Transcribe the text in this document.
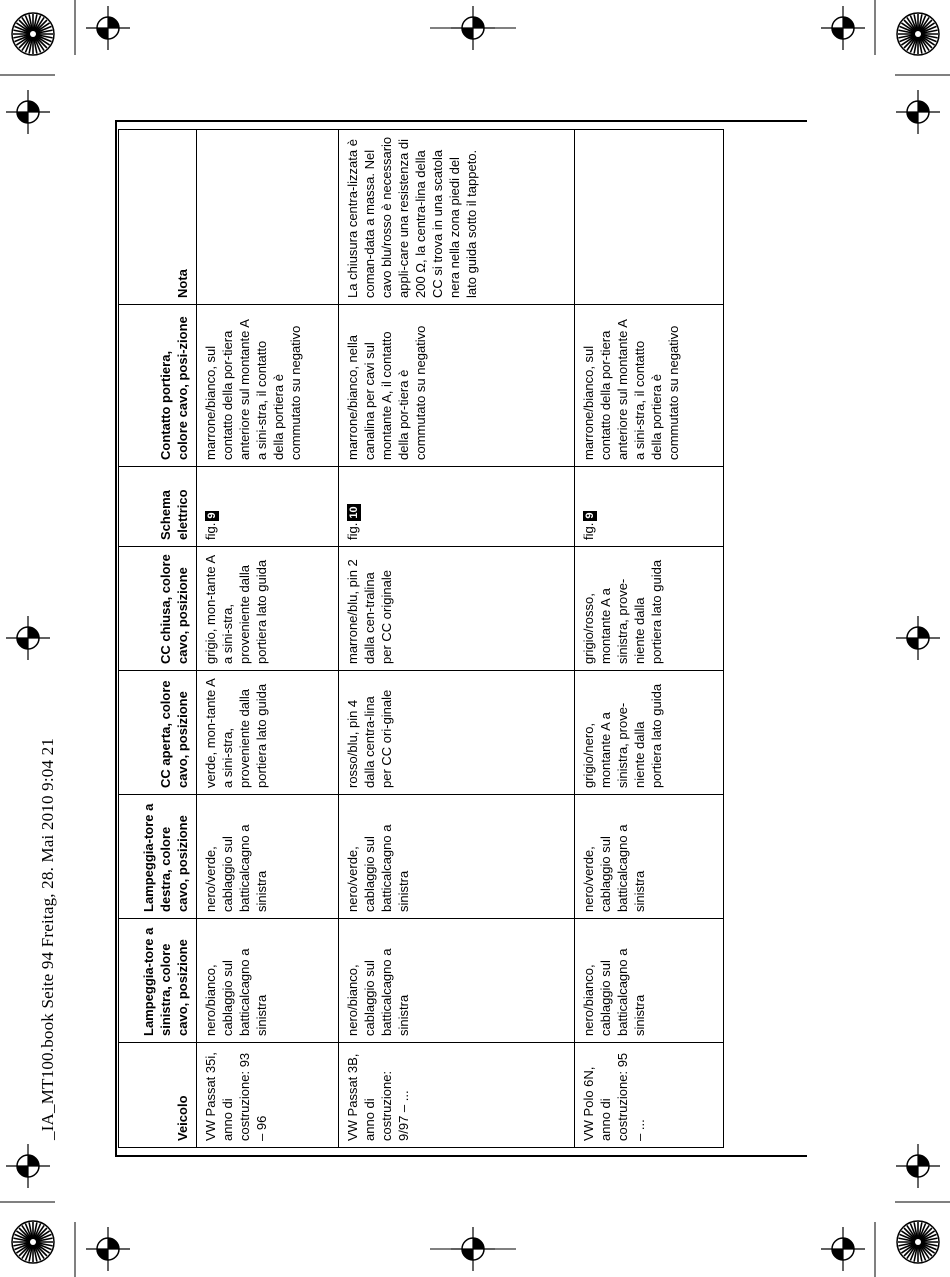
_IA_MT100.book Seite 94 Freitag, 28. Mai 2010 9:04 21	Veicolo	Lampeggia-tore a sinistra, colore cavo, posizione	Lampeggia-tore a destra, colore cavo, posizione	CC aperta, colore cavo, posizione	CC chiusa, colore cavo, posizione	Schema elettrico	Contatto portiera, colore cavo, posi-zione	Nota
VW Passat 35i, anno di costruzione: 93 – 96	nero/bianco, cablaggio sul batticalcagno a sinistra	nero/verde, cablaggio sul batticalcagno a sinistra	verde, mon-tante A a sini-stra, proveniente dalla portiera lato guida	grigio, mon-tante A a sini-stra, proveniente dalla portiera lato guida	fig.9	marrone/bianco, sul contatto della por-tiera anteriore sul montante A a sini-stra, il contatto della portiera è commutato su negativo	
VW Passat 3B, anno di costruzione: 9/97 – ...	nero/bianco, cablaggio sul batticalcagno a sinistra	nero/verde, cablaggio sul batticalcagno a sinistra	rosso/blu, pin 4 dalla centra-lina per CC ori-ginale	marrone/blu, pin 2 dalla cen-tralina per CC originale	fig.10	marrone/bianco, nella canalina per cavi sul montante A, il contatto della por-tiera è commutato su negativo	La chiusura centra-lizzata è coman-data a massa. Nel cavo blu/rosso è necessario appli-care una resistenza di 200 Ω, la centra-lina della CC si trova in una scatola nera nella zona piedi del lato guida sotto il tappeto.
VW Polo 6N, anno di costruzione: 95 – ...	nero/bianco, cablaggio sul batticalcagno a sinistra	nero/verde, cablaggio sul batticalcagno a sinistra	grigio/nero, montante A a sinistra, prove-niente dalla portiera lato guida	grigio/rosso, montante A a sinistra, prove-niente dalla portiera lato guida	fig.9	marrone/bianco, sul contatto della por-tiera anteriore sul montante A a sini-stra, il contatto della portiera è commutato su negativo	
